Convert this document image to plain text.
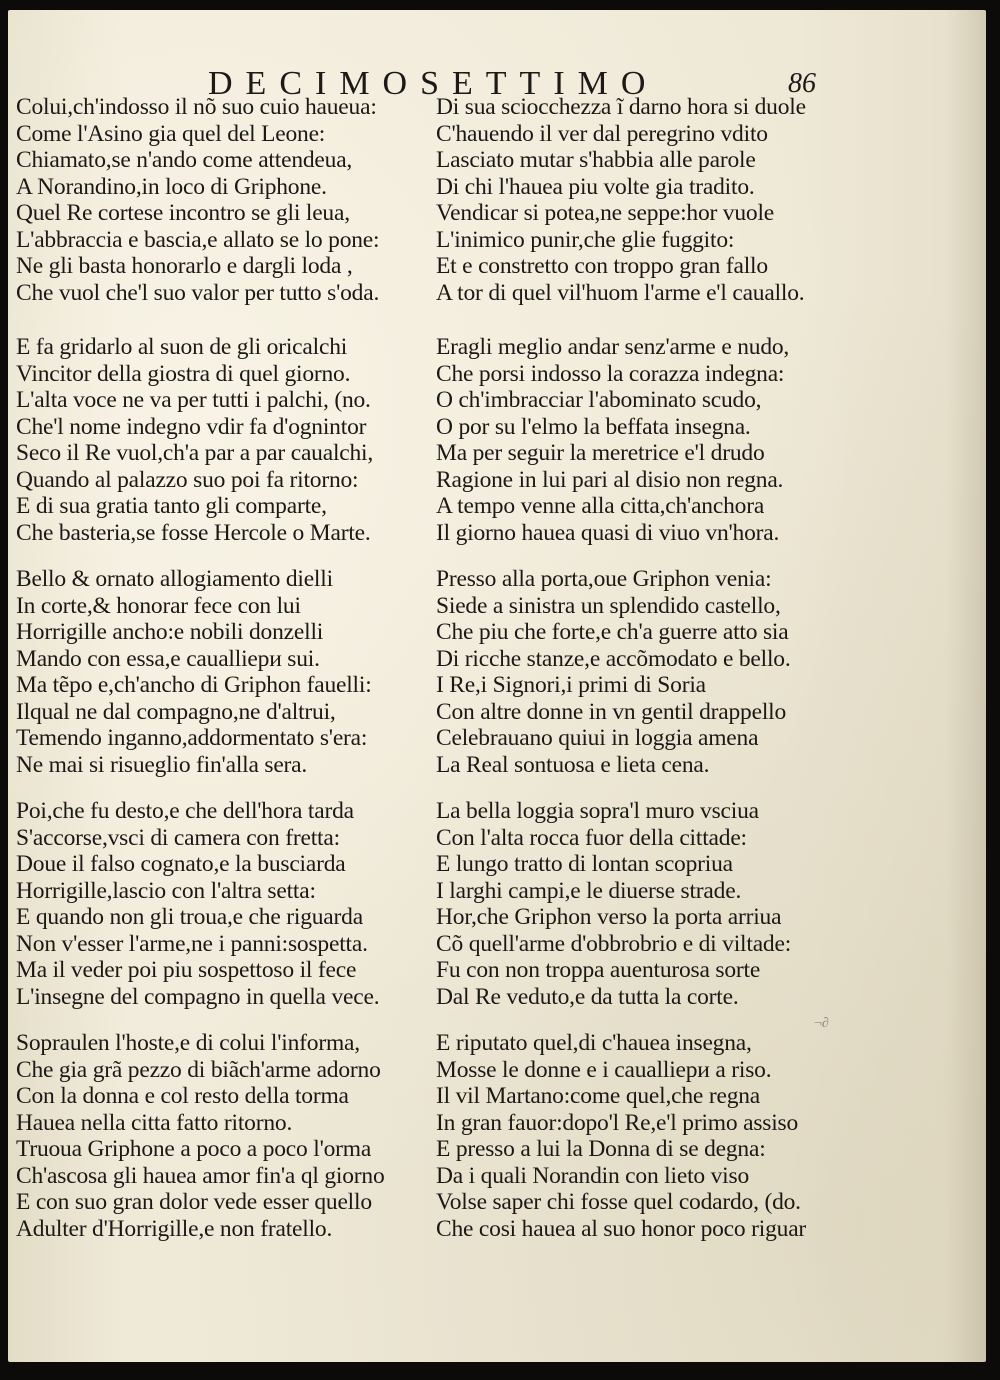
DECIMOSETTIMO	86
¬∂
Colui,ch'indosso il nõ suo cuio haueua:
Come l'Asino gia quel del Leone:
Chiamato,se n'ando come attendeua,
A Norandino,in loco di Griphone.
Quel Re cortese incontro se gli leua,
L'abbraccia e bascia,e allato se lo pone:
Ne gli basta honorarlo e dargli loda ,
Che vuol che'l suo valor per tutto s'oda.
E fa gridarlo al suon de gli oricalchi
Vincitor della giostra di quel giorno.
L'alta voce ne va per tutti i palchi, (no.
Che'l nome indegno vdir fa d'ognintor
Seco il Re vuol,ch'a par a par caualchi,
Quando al palazzo suo poi fa ritorno:
E di sua gratia tanto gli comparte,
Che basteria,se fosse Hercole o Marte.
Bello & ornato allogiamento dielli
In corte,& honorar fece con lui
Horrigille ancho:e nobili donzelli
Mando con essa,e caualliери sui.
Ma tẽpo e,ch'ancho di Griphon fauelli:
Ilqual ne dal compagno,ne d'altrui,
Temendo inganno,addormentato s'era:
Ne mai si risueglio fin'alla sera.
Poi,che fu desto,e che dell'hora tarda
S'accorse,vsci di camera con fretta:
Doue il falso cognato,e la busciarda
Horrigille,lascio con l'altra setta:
E quando non gli troua,e che riguarda
Non v'esser l'arme,ne i panni:sospetta.
Ma il veder poi piu sospettoso il fece
L'insegne del compagno in quella vece.
Sopraulen l'hoste,e di colui l'informa,
Che gia grã pezzo di biãch'arme adorno
Con la donna e col resto della torma
Hauea nella citta fatto ritorno.
Truoua Griphone a poco a poco l'orma
Ch'ascosa gli hauea amor fin'a ql giorno
E con suo gran dolor vede esser quello
Adulter d'Horrigille,e non fratello.
Di sua sciocchezza ĩ darno hora si duole
C'hauendo il ver dal peregrino vdito
Lasciato mutar s'habbia alle parole
Di chi l'hauea piu volte gia tradito.
Vendicar si potea,ne seppe:hor vuole
L'inimico punir,che glie fuggito:
Et e constretto con troppo gran fallo
A tor di quel vil'huom l'arme e'l cauallo.
Eragli meglio andar senz'arme e nudo,
Che porsi indosso la corazza indegna:
O ch'imbracciar l'abominato scudo,
O por su l'elmo la beffata insegna.
Ma per seguir la meretrice e'l drudo
Ragione in lui pari al disio non regna.
A tempo venne alla citta,ch'anchora
Il giorno hauea quasi di viuo vn'hora.
Presso alla porta,oue Griphon venia:
Siede a sinistra un splendido castello,
Che piu che forte,e ch'a guerre atto sia
Di ricche stanze,e accõmodato e bello.
I Re,i Signori,i primi di Soria
Con altre donne in vn gentil drappello
Celebrauano quiui in loggia amena
La Real sontuosa e lieta cena.
La bella loggia sopra'l muro vsciua
Con l'alta rocca fuor della cittade:
E lungo tratto di lontan scopriua
I larghi campi,e le diuerse strade.
Hor,che Griphon verso la porta arriua
Cõ quell'arme d'obbrobrio e di viltade:
Fu con non troppa auenturosa sorte
Dal Re veduto,e da tutta la corte.
E riputato quel,di c'hauea insegna,
Mosse le donne e i caualliери a riso.
Il vil Martano:come quel,che regna
In gran fauor:dopo'l Re,e'l primo assiso
E presso a lui la Donna di se degna:
Da i quali Norandin con lieto viso
Volse saper chi fosse quel codardo, (do.
Che cosi hauea al suo honor poco riguar
